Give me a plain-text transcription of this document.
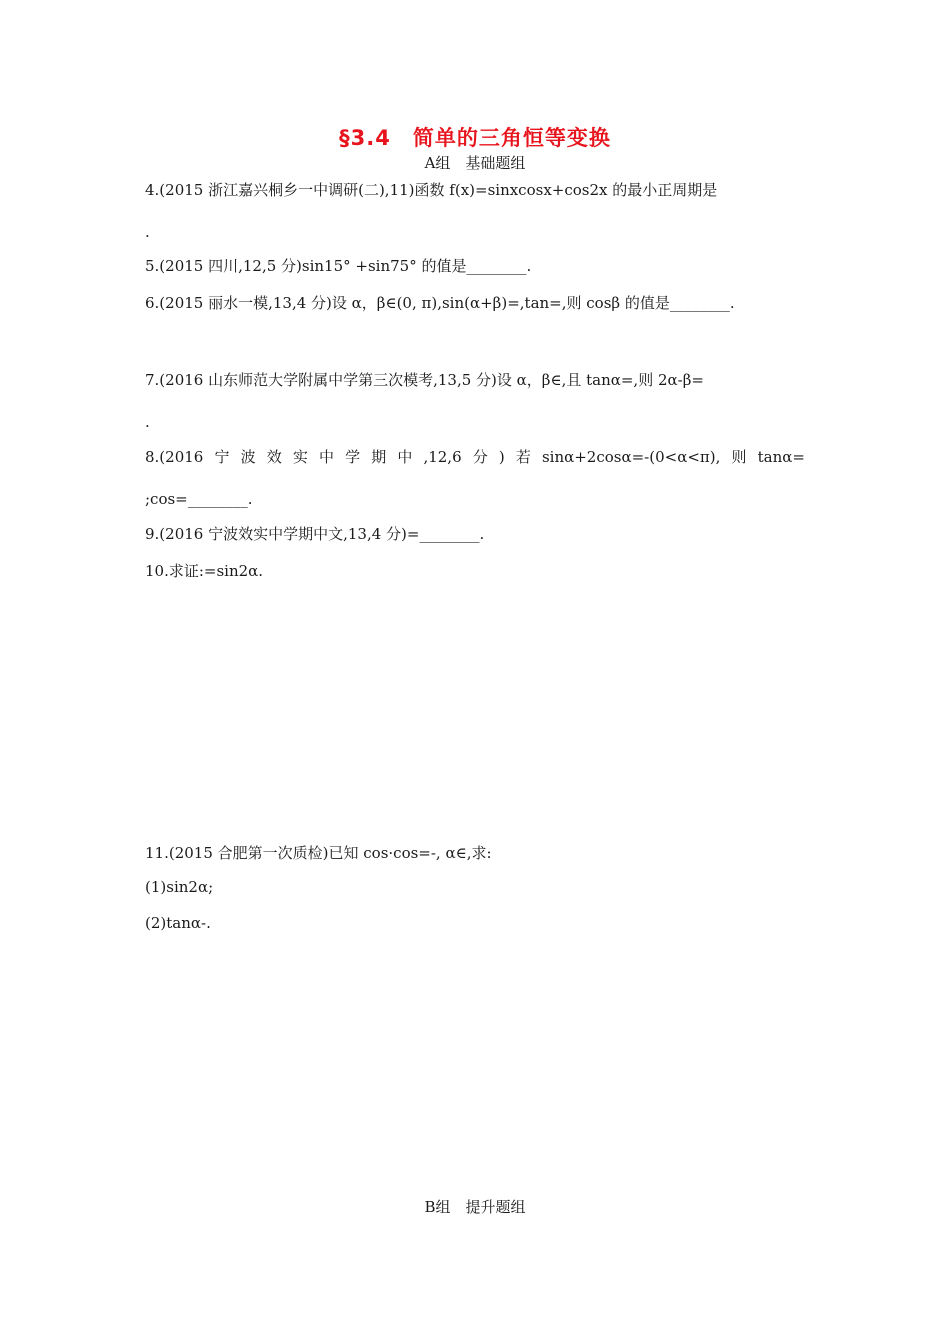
§3.4　简单的三角恒等变换
A组　基础题组
4.(2015 浙江嘉兴桐乡一中调研(二),11)函数 f(x)=sinxcosx+cos2x 的最小正周期是
.
5.(2015 四川,12,5 分)sin15° +sin75° 的值是________.
6.(2015 丽水一模,13,4 分)设 α，β∈(0, π),sin(α+β)=,tan=,则 cosβ 的值是________.
7.(2016 山东师范大学附属中学第三次模考,13,5 分)设 α，β∈,且 tanα=,则 2α-β=
.
8.(2016 宁 波 效 实 中 学 期 中 ,12,6 分 ) 若 sinα+2cosα=-(0<α<π), 则 tanα=
;cos=________.
9.(2016 宁波效实中学期中文,13,4 分)=________.
10.求证:=sin2α.
11.(2015 合肥第一次质检)已知 cos·cos=-, α∈,求:
(1)sin2α;
(2)tanα-.
B组　提升题组
